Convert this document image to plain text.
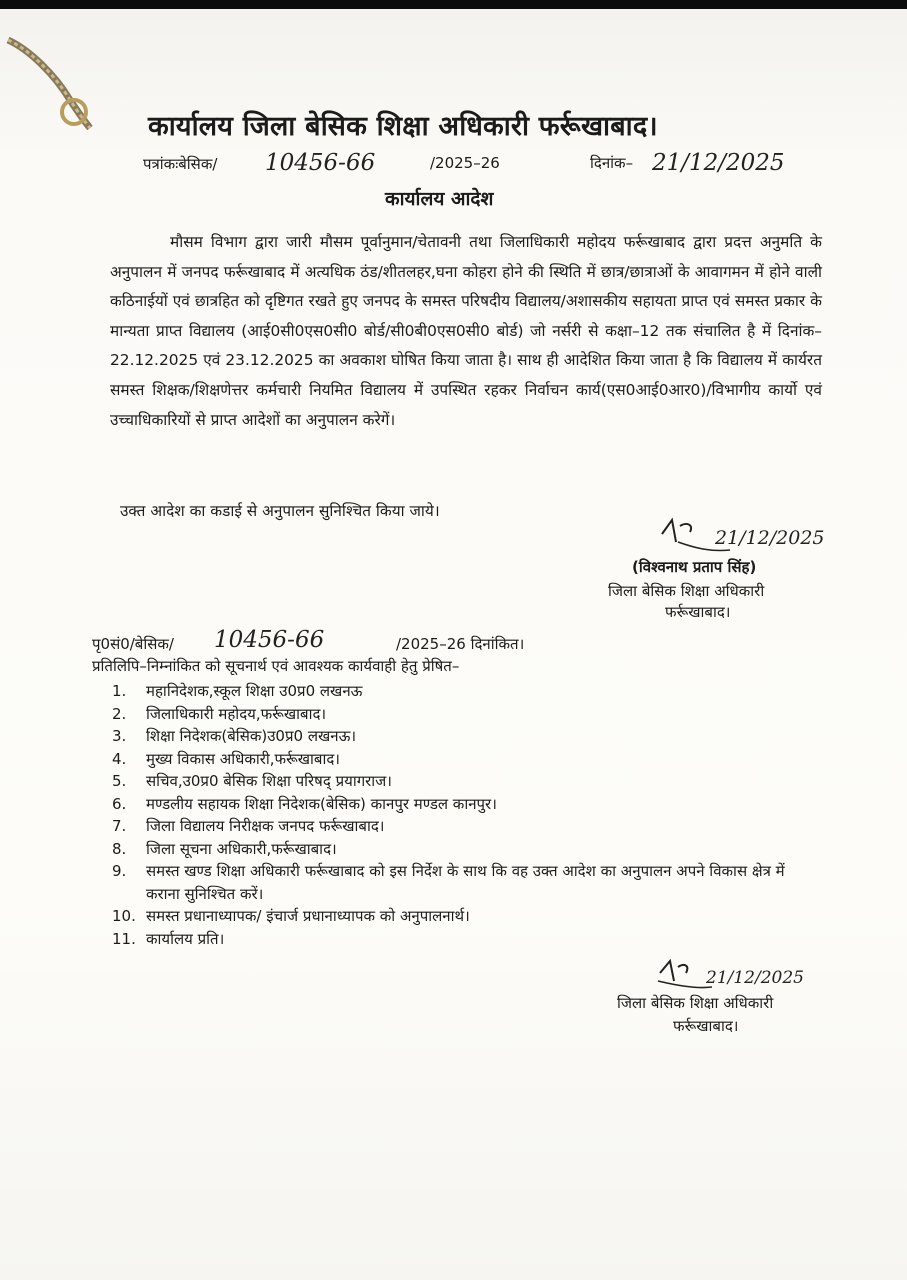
कार्यालय जिला बेसिक शिक्षा अधिकारी फर्रूखाबाद।
पत्रांकःबेसिक/ 10456-66	/2025–26	दिनांक– 21/12/2025
कार्यालय आदेश

मौसम विभाग द्वारा जारी मौसम पूर्वानुमान/चेतावनी तथा जिलाधिकारी महोदय फर्रूखाबाद द्वारा प्रदत्त अनुमति के अनुपालन में जनपद फर्रूखाबाद में अत्यधिक ठंड/शीतलहर,घना कोहरा होने की स्थिति में छात्र/छात्राओं के आवागमन में होने वाली कठिनाईयों एवं छात्रहित को दृष्टिगत रखते हुए जनपद के समस्त परिषदीय विद्यालय/अशासकीय सहायता प्राप्त एवं समस्त प्रकार के मान्यता प्राप्त विद्यालय (आई0सी0एस0सी0 बोर्ड/सी0बी0एस0सी0 बोर्ड) जो नर्सरी से कक्षा–12 तक संचालित है में दिनांक–22.12.2025 एवं 23.12.2025 का अवकाश घोषित किया जाता है। साथ ही आदेशित किया जाता है कि विद्यालय में कार्यरत समस्त शिक्षक/शिक्षणेत्तर कर्मचारी नियमित विद्यालय में उपस्थित रहकर निर्वाचन कार्य(एस0आई0आर0)/विभागीय कार्यो एवं उच्चाधिकारियों से प्राप्त आदेशों का अनुपालन करेगें।

उक्त आदेश का कडाई से अनुपालन सुनिश्चित किया जाये।
21/12/2025
(विश्वनाथ प्रताप सिंह)
जिला बेसिक शिक्षा अधिकारी
फर्रूखाबाद।
पृ0सं0/बेसिक/ 10456-66	/2025–26 दिनांकित।
प्रतिलिपि–निम्नांकित को सूचनार्थ एवं आवश्यक कार्यवाही हेतु प्रेषित–
1.	महानिदेशक,स्कूल शिक्षा उ0प्र0 लखनऊ
2.	जिलाधिकारी महोदय,फर्रूखाबाद।
3.	शिक्षा निदेशक(बेसिक)उ0प्र0 लखनऊ।
4.	मुख्य विकास अधिकारी,फर्रूखाबाद।
5.	सचिव,उ0प्र0 बेसिक शिक्षा परिषद् प्रयागराज।
6.	मण्डलीय सहायक शिक्षा निदेशक(बेसिक) कानपुर मण्डल कानपुर।
7.	जिला विद्यालय निरीक्षक जनपद फर्रूखाबाद।
8.	जिला सूचना अधिकारी,फर्रूखाबाद।
9.	समस्त खण्ड शिक्षा अधिकारी फर्रूखाबाद को इस निर्देश के साथ कि वह उक्त आदेश का अनुपालन अपने विकास क्षेत्र में कराना सुनिश्चित करें।
10. समस्त प्रधानाध्यापक/ इंचार्ज प्रधानाध्यापक को अनुपालनार्थ।
11. कार्यालय प्रति।
21/12/2025
जिला बेसिक शिक्षा अधिकारी
फर्रूखाबाद।
